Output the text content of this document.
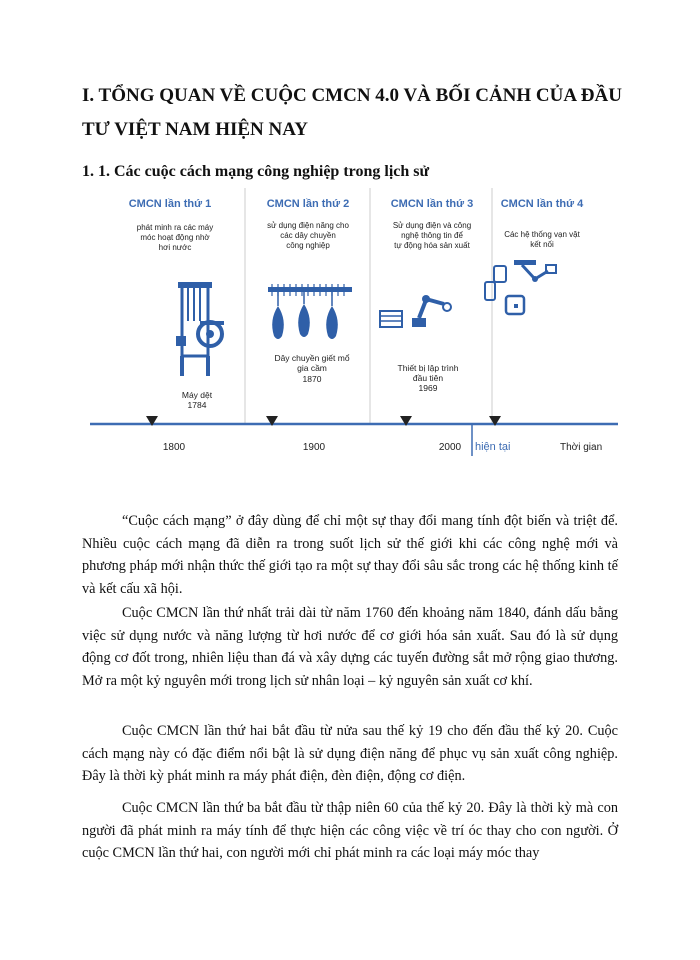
I. TỔNG QUAN VỀ CUỘC CMCN 4.0 VÀ BỐI CẢNH CỦA ĐẦU TƯ VIỆT NAM HIỆN NAY
1. 1. Các cuộc cách mạng công nghiệp trong lịch sử
CMCN lần thứ 1	CMCN lần thứ 2	CMCN lần thứ 3 CMCN lần thứ 4
phát minh ra các máy
móc hoạt động nhờ
hơi nước
sử dụng điện năng cho
các dây chuyền
công nghiệp
Sử dụng điện và công
nghệ thông tin để
tự động hóa sản xuất
Các hệ thống vạn vật
kết nối
Máy dệt
1784
Dây chuyền giết mổ
gia cầm
1870
Thiết bị lập trình
đầu tiên
1969
1800	1900	2000 hiện tại	Thời gian

“Cuộc cách mạng” ở đây dùng để chỉ một sự thay đổi mang tính đột biến và triệt để. Nhiều cuộc cách mạng đã diễn ra trong suốt lịch sử thế giới khi các công nghệ mới và phương pháp mới nhận thức thế giới tạo ra một sự thay đổi sâu sắc trong các hệ thống kinh tế và kết cấu xã hội.

Cuộc CMCN lần thứ nhất trải dài từ năm 1760 đến khoảng năm 1840, đánh dấu bằng việc sử dụng nước và năng lượng từ hơi nước để cơ giới hóa sản xuất. Sau đó là sử dụng động cơ đốt trong, nhiên liệu than đá và xây dựng các tuyến đường sắt mở rộng giao thương. Mở ra một kỷ nguyên mới trong lịch sử nhân loại – kỷ nguyên sản xuất cơ khí.

Cuộc CMCN lần thứ hai bắt đầu từ nửa sau thế kỷ 19 cho đến đầu thế kỷ 20. Cuộc cách mạng này có đặc điểm nổi bật là sử dụng điện năng để phục vụ sản xuất công nghiệp. Đây là thời kỳ phát minh ra máy phát điện, đèn điện, động cơ điện.

Cuộc CMCN lần thứ ba bắt đầu từ thập niên 60 của thế kỷ 20. Đây là thời kỳ mà con người đã phát minh ra máy tính để thực hiện các công việc về trí óc thay cho con người. Ở cuộc CMCN lần thứ hai, con người mới chỉ phát minh ra các loại máy móc thay
